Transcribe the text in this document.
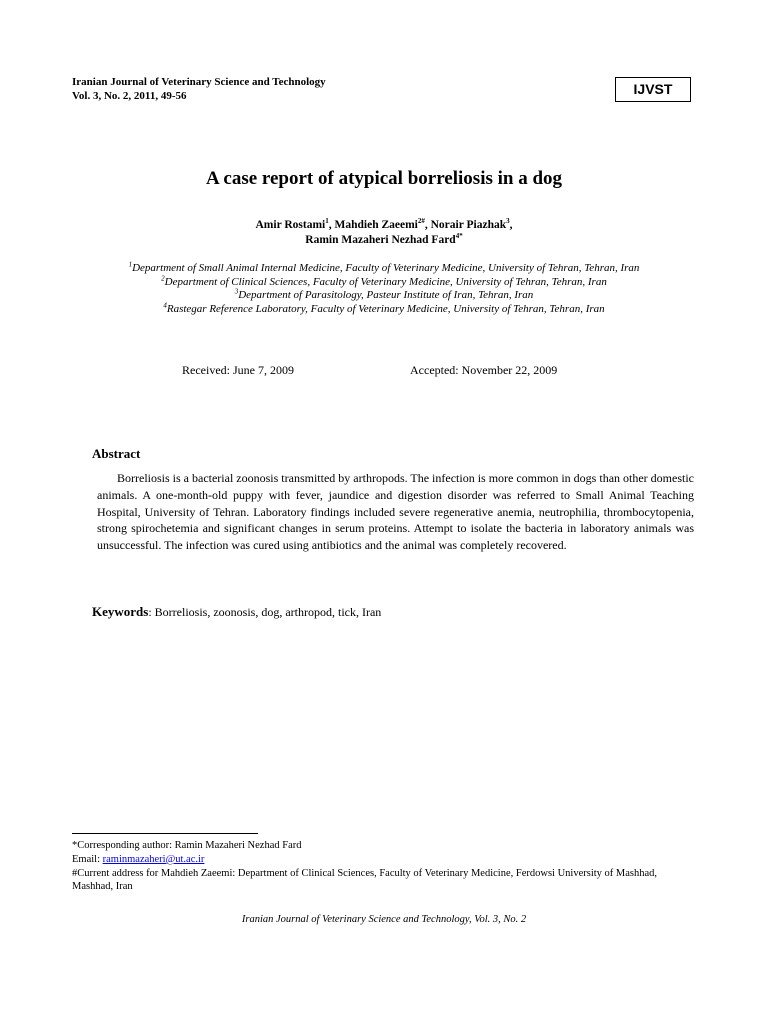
Iranian Journal of Veterinary Science and Technology
Vol. 3, No. 2, 2011, 49-56	IJVST
A case report of atypical borreliosis in a dog
Amir Rostami$^1$, Mahdieh Zaeemi$^{2\#}$, Norair Piazhak$^3$,
Ramin Mazaheri Nezhad Fard$^{4*}$
$^1$Department of Small Animal Internal Medicine, Faculty of Veterinary Medicine, University of Tehran, Tehran, Iran
$^2$Department of Clinical Sciences, Faculty of Veterinary Medicine, University of Tehran, Tehran, Iran
$^3$Department of Parasitology, Pasteur Institute of Iran, Tehran, Iran
$^4$Rastegar Reference Laboratory, Faculty of Veterinary Medicine, University of Tehran, Tehran, Iran
Received: June 7, 2009	Accepted: November 22, 2009
Abstract
Borreliosis is a bacterial zoonosis transmitted by arthropods. The infection is more common in dogs than other domestic animals. A one-month-old puppy with fever, jaundice and digestion disorder was referred to Small Animal Teaching Hospital, University of Tehran. Laboratory findings included severe regenerative anemia, neutrophilia, thrombocytopenia, strong spirochetemia and significant changes in serum proteins. Attempt to isolate the bacteria in laboratory animals was unsuccessful. The infection was cured using antibiotics and the animal was completely recovered.
Keywords: Borreliosis, zoonosis, dog, arthropod, tick, Iran
*Corresponding author: Ramin Mazaheri Nezhad Fard
Email: raminmazaheri@ut.ac.ir
#Current address for Mahdieh Zaeemi: Department of Clinical Sciences, Faculty of Veterinary Medicine, Ferdowsi University of Mashhad, Mashhad, Iran
Iranian Journal of Veterinary Science and Technology, Vol. 3, No. 2
